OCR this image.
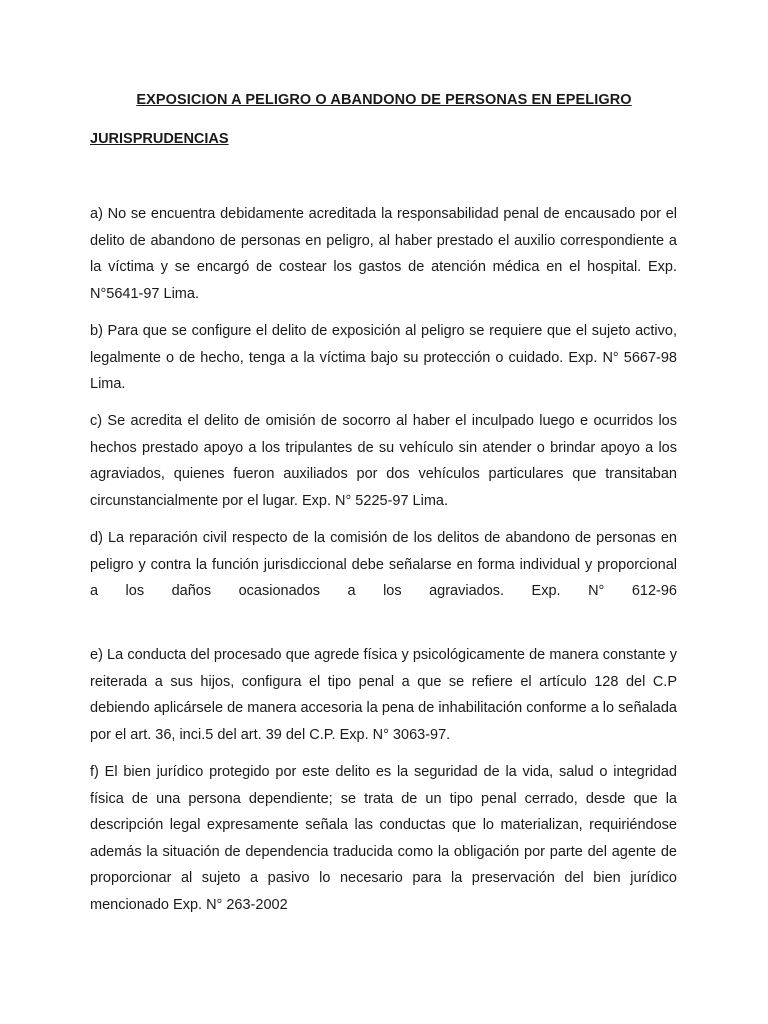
EXPOSICION A PELIGRO O ABANDONO DE PERSONAS EN EPELIGRO
JURISPRUDENCIAS

a) No se encuentra debidamente acreditada la responsabilidad penal de encausado por el delito de abandono de personas en peligro, al haber prestado el auxilio correspondiente a la víctima y se encargó de costear los gastos de atención médica en el hospital. Exp. N°5641-97 Lima.

b) Para que se configure el delito de exposición al peligro se requiere que el sujeto activo, legalmente o de hecho, tenga a la víctima bajo su protección o cuidado. Exp. N° 5667-98 Lima.

c) Se acredita el delito de omisión de socorro al haber el inculpado luego e ocurridos los hechos prestado apoyo a los tripulantes de su vehículo sin atender o brindar apoyo a los agraviados, quienes fueron auxiliados por dos vehículos particulares que transitaban circunstancialmente por el lugar. Exp. N° 5225-97 Lima.

d) La reparación civil respecto de la comisión de los delitos de abandono de personas en peligro y contra la función jurisdiccional debe señalarse en forma individual y proporcional a los daños ocasionados a los agraviados. Exp. N° 612-96

e) La conducta del procesado que agrede física y psicológicamente de manera constante y reiterada a sus hijos, configura el tipo penal a que se refiere el artículo 128 del C.P debiendo aplicársele de manera accesoria la pena de inhabilitación conforme a lo señalada por el art. 36, inci.5 del art. 39 del C.P. Exp. N° 3063-97.

f) El bien jurídico protegido por este delito es la seguridad de la vida, salud o integridad física de una persona dependiente; se trata de un tipo penal cerrado, desde que la descripción legal expresamente señala las conductas que lo materializan, requiriéndose además la situación de dependencia traducida como la obligación por parte del agente de proporcionar al sujeto a pasivo lo necesario para la preservación del bien jurídico mencionado Exp. N° 263-2002
